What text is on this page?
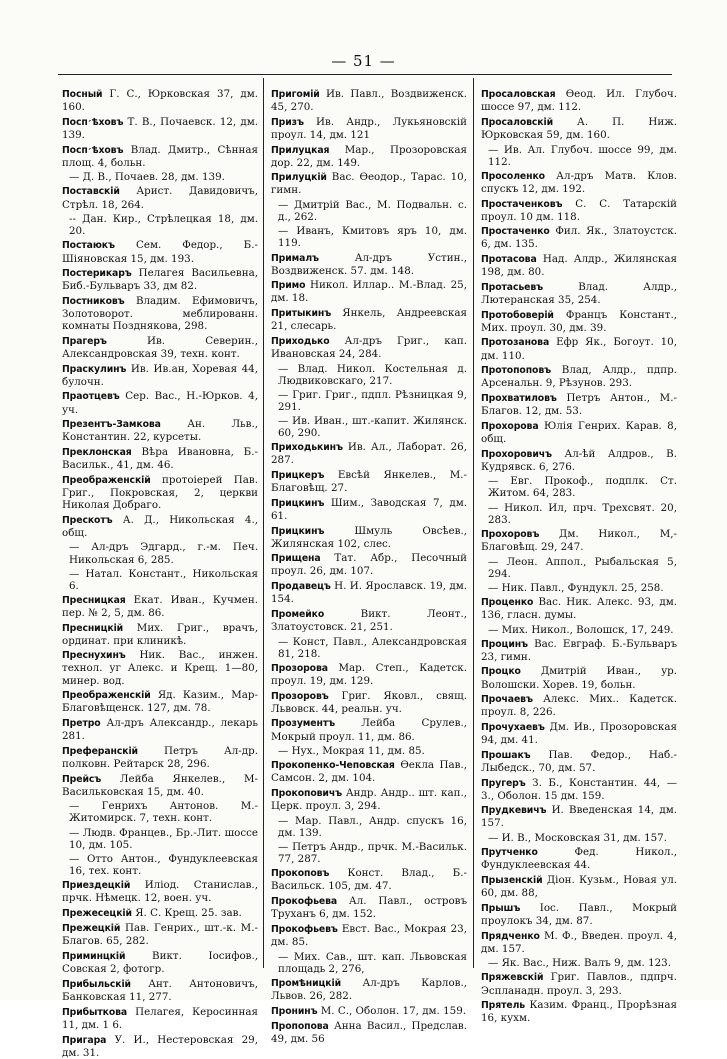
— 51 —

Посный Г. С., Юрковская 37, дм. 160.

Посп׳ѣховъ Т. В., Почаевск. 12, дм. 139.

Посп׳ѣховъ Влад. Дмитр., Сѣнная площ. 4, больн.

— Д. В., Почаев. 28, дм. 139.

Поставскій Арист. Давидовичъ, Стрѣл. 18, 264.

-- Дан. Кир., Стрѣлецкая 18, дм. 20.

Постаюкъ Сем. Федор., Б.-Шіяновская 15, дм. 193.

Постерикаръ Пелагея Васильевна, Биб.-Бульваръ 33, дм 82.

Постниковъ Владим. Ефимовичъ, Золотоворот. меблированн. комнаты Позднякова, 298.

Прагеръ	Ив. Северин., Александровская 39, техн. конт.

Праскулинъ Ив. Ив.ан, Хоревая 44, булочн.

Праотцевъ Сер. Вас., Н.-Юрков. 4, уч.

Презентъ-Замкова	Ан. Льв., Константин. 22, курсеты.

Преклонская Вѣра Ивановна, Б.-Васильк., 41, дм. 46.

Преображенскій протоіерей Пав. Григ., Покровская, 2, церкви Николая Добраго.

Прескотъ А. Д., Никольская 4., общ.

— Ал-дръ Эдгард., г.-м. Печ. Никольская 6, 285.

— Натал. Констант., Никольская 6.

Пресницкая Екат. Иван., Кучмен. пер. № 2, 5, дм. 86.

Пресницкій Мих. Григ., врачъ, ординат. при клиникѣ.

Преснухинъ Ник. Вас., инжен. технол. уг Алекс. и Крещ. 1—80, минер. вод.

Преображенскій Яд. Казим., Мар-Благовѣщенск. 127, дм. 78.

Претро Ал-дръ Александр., лекарь 281.

Преферанскій	Петръ Ал-др. полковн. Рейтарск 28, 296.

Прейсъ Лейба Янкелев., М-Васильковская 15, дм. 40.

— Генрихъ Антонов. М.-Житомирск. 7, техн. конт.

— Людв. Францев., Бр.-Лит. шоссе 10, дм. 105.

— Отто Антон., Фундуклеевская 16, тех. конт.

Приездецкій Иліод. Станислав., прчк. Нѣмецк. 12, воен. уч.

Прежесецкій Я. С. Крещ. 25. зав.

Прежецкій Пав. Генрих., шт.-к. М.-Благов. 65, 282.

Приминцкій	Викт. Іосифов., Совская 2, фотогр.

Прибыльскій Ант. Антоновичъ, Банковская 11, 277.

Прибыткова Пелагея, Керосинная 11, дм. 1 6.

Пригара У. И., Нестеровская 29, дм. 31.

Пригомій Ив. Павл., Воздвиженск. 45, 270.

Призъ Ив. Андр., Лукьяновскій проул. 14, дм. 121

Прилуцкая Мар., Прозоровская дор. 22, дм. 149.

Прилуцкій Вас. Өеодор., Тарас. 10, гимн.

— Дмитрій Вас., М. Подвальн. с. д., 262.

— Иванъ, Кмитовъ яръ 10, дм. 119.

Прималъ	Ал-дръ Устин., Воздвиженск. 57. дм. 148.

Примо Никол. Иллар.. М.-Влад. 25, дм. 18.

Притыкинъ Янкель, Андреевская 21, слесарь.

Приходько Ал-дръ Григ., кап. Ивановская 24, 284.

— Влад. Никол. Костельная д. Людвиковскаго, 217.

— Григ. Григ., пдпл. Рѣзницкая 9, 291.

— Ив. Иван., шт.-капит. Жилянск. 60, 290.

Приходькинъ Ив. Ал., Лаборат. 26, 287.

Прицкеръ Евсѣй Янкелев., М.-Благовѣщ. 27.

Прицкинъ Шим., Заводская 7, дм. 61.

Прицкинъ	Шмуль Овсѣев., Жилянская 102, слес.

Прищена Тат. Абр., Песочный проул. 26, дм. 107.

Продавецъ Н. И. Ярославск. 19, дм. 154.

Промейко	Викт. Леонт., Златоустовск. 21, 251.

— Конст, Павл., Александровская 81, 218.

Прозорова Мар. Степ., Кадетск. проул. 19, дм. 129.

Прозоровъ Григ. Яковл., свящ. Львовск. 44, реальн. уч.

Прозументъ	Лейба Срулев., Мокрый проул. 11, дм. 86.

— Нух., Мокрая 11, дм. 85.

Прокопенко-Чеповская Өекла Пав., Самсон. 2, дм. 104.

Прокоповичъ Андр. Андр.. шт. кап., Церк. проул. 3, 294.

— Мар. Павл., Андр. спускъ 16, дм. 139.

— Петръ Андр., прчк. М.-Васильк. 77, 287.

Прокоповъ Конст. Влад., Б.-Васильск. 105, дм. 47.

Прокофьева Ал. Павл., островъ Труханъ 6, дм. 152.

Прокофьевъ Евст. Вас., Мокрая 23, дм. 85.

— Мих. Сав., шт. кап. Львовская площадь 2, 276,

Промѣницкій Ал-дръ Карлов., Львов. 26, 282.

Пронинъ М. С., Оболон. 17, дм. 159.

Пропопова Анна Васил., Предслав. 49, дм. 56

Просаловская Өеод. Ил. Глубоч. шоссе 97, дм. 112.

Просаловскій А. П. Ниж. Юрковская 59, дм. 160.

— Ив. Ал. Глубоч. шоссе 99, дм. 112.

Просоленко Ал-дръ Матв. Клов. спускъ 12, дм. 192.

Простаченковъ С. С. Татарскій проул. 10 дм. 118.

Простаченко Фил. Як., Златоустск. 6, дм. 135.

Протасова Над. Алдр., Жилянская 198, дм. 80.

Протасьевъ	Влад. Алдр., Лютеранская 35, 254.

Протобоверій Францъ Констант., Мих. проул. 30, дм. 39.

Протозанова Ефр Як., Богоут. 10, дм. 110.

Протопоповъ Влад, Алдр., пдпр. Арсенальн. 9, Рѣзунов. 293.

Прохватиловъ Петръ Антон., М.-Благов. 12, дм. 53.

Прохорова Юлія Генрих. Карав. 8, общ.

Прохоровичъ Ал-ѣй Алдров., В. Кудрявск. 6, 276.

— Евг. Прокоф., подплк. Ст. Житом. 64, 283.

— Никол. Ил, прч. Трехсвят. 20, 283.

Прохоровъ Дм. Никол., М,-Благовѣщ. 29, 247.

— Леон. Аппол., Рыбальская 5, 294.

— Ник. Павл., Фундукл. 25, 258.

Проценко Вас. Ник. Алекс. 93, дм. 136, гласн. думы.

— Мих. Никол., Волошск, 17, 249.

Процинъ Вас. Евграф. Б.-Бульваръ 23, гимн.

Процко Дмитрій Иван., ур. Волошски. Хорев. 19, больн.

Прочаевъ Алекс. Мих.. Кадетск. проул. 8, 226.

Прочухаевъ Дм. Ив., Прозоровская 94, дм. 41.

Прошакъ Пав. Федор., Наб.-Лыбедск., 70, дм. 57.

Пругеръ З. Б., Константин. 44, — 3., Оболон. 15 дм. 159.

Прудкевичъ И. Введенская 14, дм. 157.

— И. В., Московская 31, дм. 157.

Прутченко	Фед. Никол., Фундуклеевская 44.

Прызенскій Діон. Кузьм., Новая ул. 60, дм. 88,

Прышъ Іос. Павл., Мокрый проулокъ 34, дм. 87.

Прядченко М. Ф., Введен. проул. 4, дм. 157.

— Як. Вас., Ниж. Валъ 9, дм. 123.

Пряжевскій Григ. Павлов., пдпрч. Эспланадн. проул. 3, 293.

Прятель Казим. Франц., Прорѣзная 16, кухм.
